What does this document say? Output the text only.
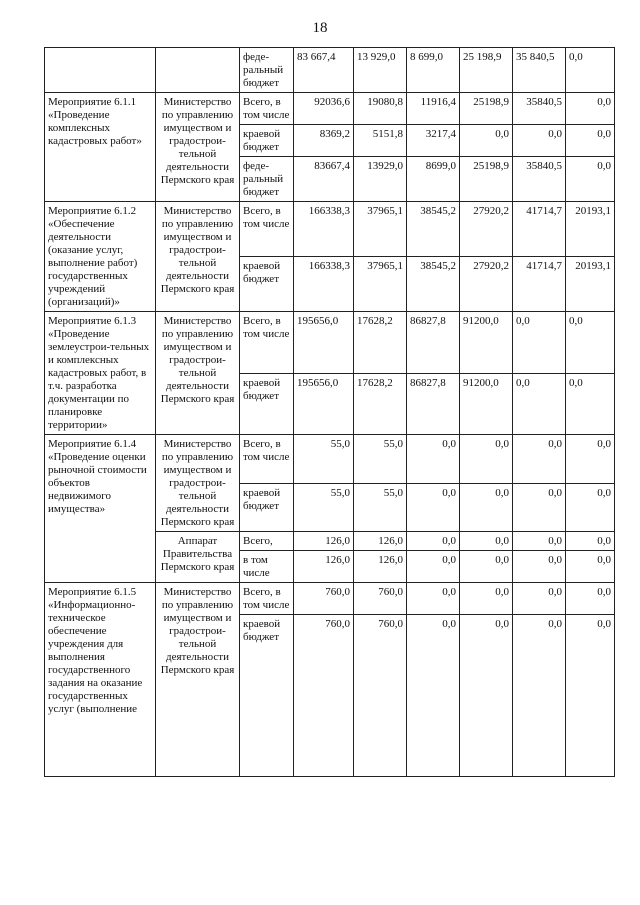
18
		феде-ральный бюджет	83 667,4	13 929,0	8 699,0	25 198,9	35 840,5	0,0
Мероприятие 6.1.1 «Проведение комплексных кадастровых работ»	Министерство по управлению имуществом и градострои-тельной деятельности Пермского края	Всего, в том числе	92036,6	19080,8	11916,4	25198,9	35840,5	0,0
		краевой бюджет	8369,2	5151,8	3217,4	0,0	0,0	0,0
		феде-ральный бюджет	83667,4	13929,0	8699,0	25198,9	35840,5	0,0
Мероприятие 6.1.2 «Обеспечение деятельности (оказание услуг, выполнение работ) государственных учреждений (организаций)»	Министерство по управлению имуществом и градострои-тельной деятельности Пермского края	Всего, в том числе	166338,3	37965,1	38545,2	27920,2	41714,7	20193,1
		краевой бюджет	166338,3	37965,1	38545,2	27920,2	41714,7	20193,1
Мероприятие 6.1.3 «Проведение землеустрои-тельных и комплексных кадастровых работ, в т.ч. разработка документации по планировке территории»	Министерство по управлению имуществом и градострои-тельной деятельности Пермского края	Всего, в том числе	195656,0	17628,2	86827,8	91200,0	0,0	0,0
		краевой бюджет	195656,0	17628,2	86827,8	91200,0	0,0	0,0
Мероприятие 6.1.4 «Проведение оценки рыночной стоимости объектов недвижимого имущества»	Министерство по управлению имуществом и градострои-тельной деятельности Пермского края	Всего, в том числе	55,0	55,0	0,0	0,0	0,0	0,0
		краевой бюджет	55,0	55,0	0,0	0,0	0,0	0,0
	Аппарат Правительства Пермского края	Всего,	126,0	126,0	0,0	0,0	0,0	0,0
		в том числе	126,0	126,0	0,0	0,0	0,0	0,0
Мероприятие 6.1.5 «Информационно-техническое обеспечение учреждения для выполнения государственного задания на оказание государственных услуг (выполнение	Министерство по управлению имуществом и градострои-тельной деятельности Пермского края	Всего, в том числе	760,0	760,0	0,0	0,0	0,0	0,0
		краевой бюджет	760,0	760,0	0,0	0,0	0,0	0,0
